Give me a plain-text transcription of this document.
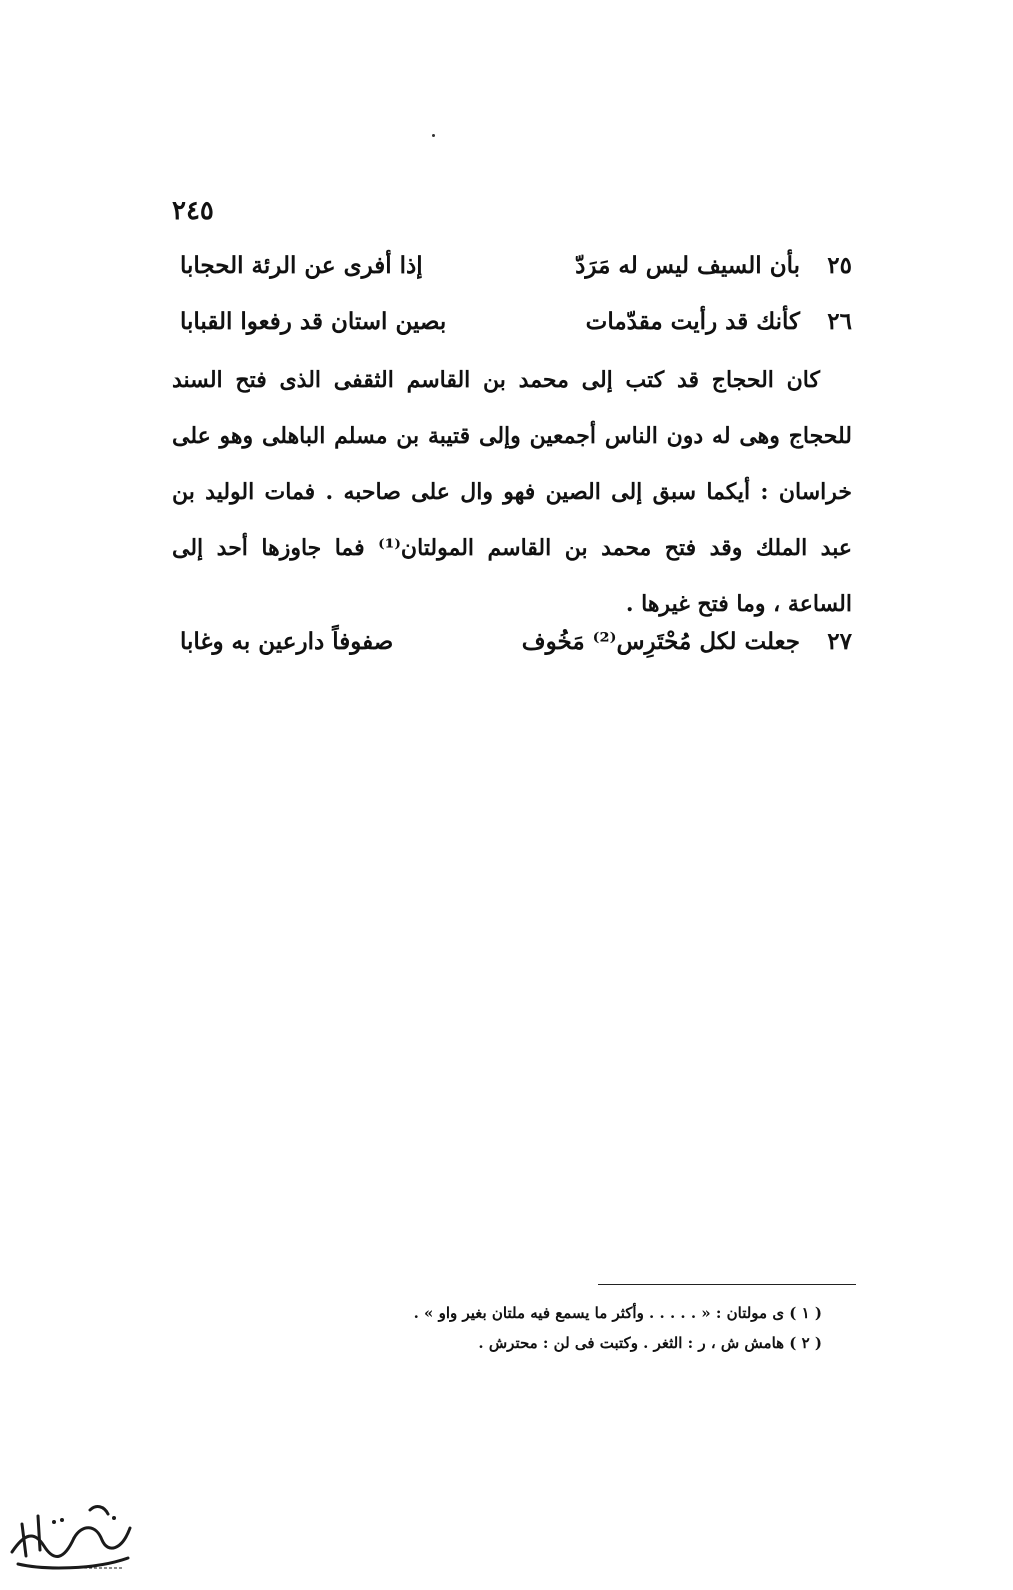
٢٤٥
٢٥
بأن السيف ليس له مَرَدّ
إذا أفرى عن الرئة الحجابا
٢٦
كأنك قد رأيت مقدّمات
بصين استان قد رفعوا القبابا

كان الحجاج قد كتب إلى محمد بن القاسم الثقفى الذى فتح السند للحجاج وهى له دون الناس أجمعين وإلى قتيبة بن مسلم الباهلى وهو على خراسان : أيكما سبق إلى الصين فهو وال على صاحبه . فمات الوليد بن عبد الملك وقد فتح محمد بن القاسم المولتان⁽¹⁾ فما جاوزها أحد إلى الساعة ، وما فتح غيرها .

٢٧
جعلت لكل مُحْتَرِس⁽²⁾ مَخُوف
صفوفاً دارعين به وغابا
( ١ ) ى مولتان : « . . . . . وأكثر ما يسمع فيه ملتان بغير واو » .
( ٢ ) هامش ش ، ر : الثغر . وكتبت فى لن : محترش .
